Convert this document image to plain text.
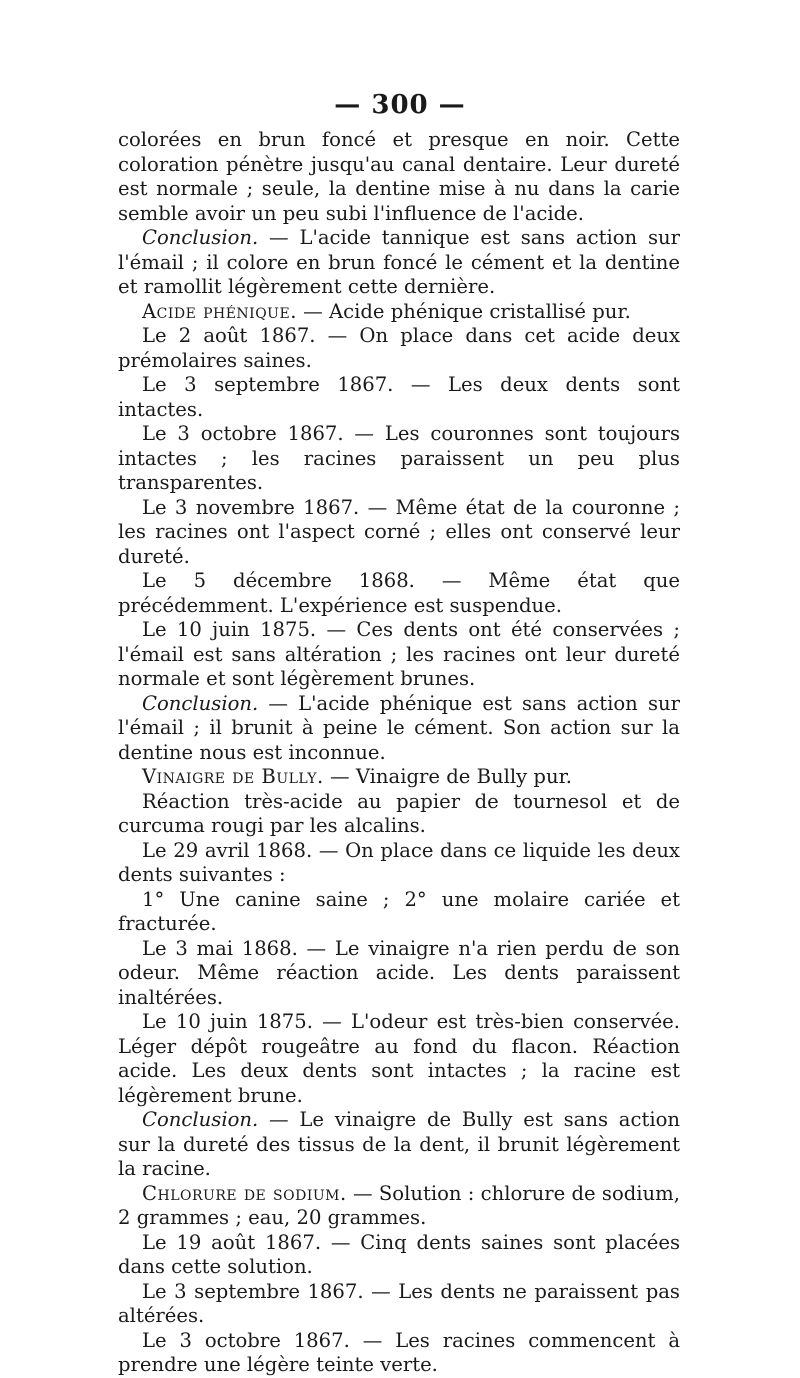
— 300 —

colorées en brun foncé et presque en noir. Cette coloration pénètre jusqu'au canal dentaire. Leur dureté est normale ; seule, la dentine mise à nu dans la carie semble avoir un peu subi l'influence de l'acide.

Conclusion. — L'acide tannique est sans action sur l'émail ; il colore en brun foncé le cément et la dentine et ramollit légèrement cette dernière.

Acide phénique. — Acide phénique cristallisé pur.

Le 2 août 1867. — On place dans cet acide deux prémolaires saines.

Le 3 septembre 1867. — Les deux dents sont intactes.

Le 3 octobre 1867. — Les couronnes sont toujours intactes ; les racines paraissent un peu plus transparentes.

Le 3 novembre 1867. — Même état de la couronne ; les racines ont l'aspect corné ; elles ont conservé leur dureté.

Le 5 décembre 1868. — Même état que précédemment. L'expérience est suspendue.

Le 10 juin 1875. — Ces dents ont été conservées ; l'émail est sans altération ; les racines ont leur dureté normale et sont légèrement brunes.

Conclusion. — L'acide phénique est sans action sur l'émail ; il brunit à peine le cément. Son action sur la dentine nous est inconnue.

Vinaigre de Bully. — Vinaigre de Bully pur.

Réaction très-acide au papier de tournesol et de curcuma rougi par les alcalins.

Le 29 avril 1868. — On place dans ce liquide les deux dents suivantes :

1° Une canine saine ; 2° une molaire cariée et fracturée.

Le 3 mai 1868. — Le vinaigre n'a rien perdu de son odeur. Même réaction acide. Les dents paraissent inaltérées.

Le 10 juin 1875. — L'odeur est très-bien conservée. Léger dépôt rougeâtre au fond du flacon. Réaction acide. Les deux dents sont intactes ; la racine est légèrement brune.

Conclusion. — Le vinaigre de Bully est sans action sur la dureté des tissus de la dent, il brunit légèrement la racine.

Chlorure de sodium. — Solution : chlorure de sodium, 2 grammes ; eau, 20 grammes.

Le 19 août 1867. — Cinq dents saines sont placées dans cette solution.

Le 3 septembre 1867. — Les dents ne paraissent pas altérées.

Le 3 octobre 1867. — Les racines commencent à prendre une légère teinte verte.
